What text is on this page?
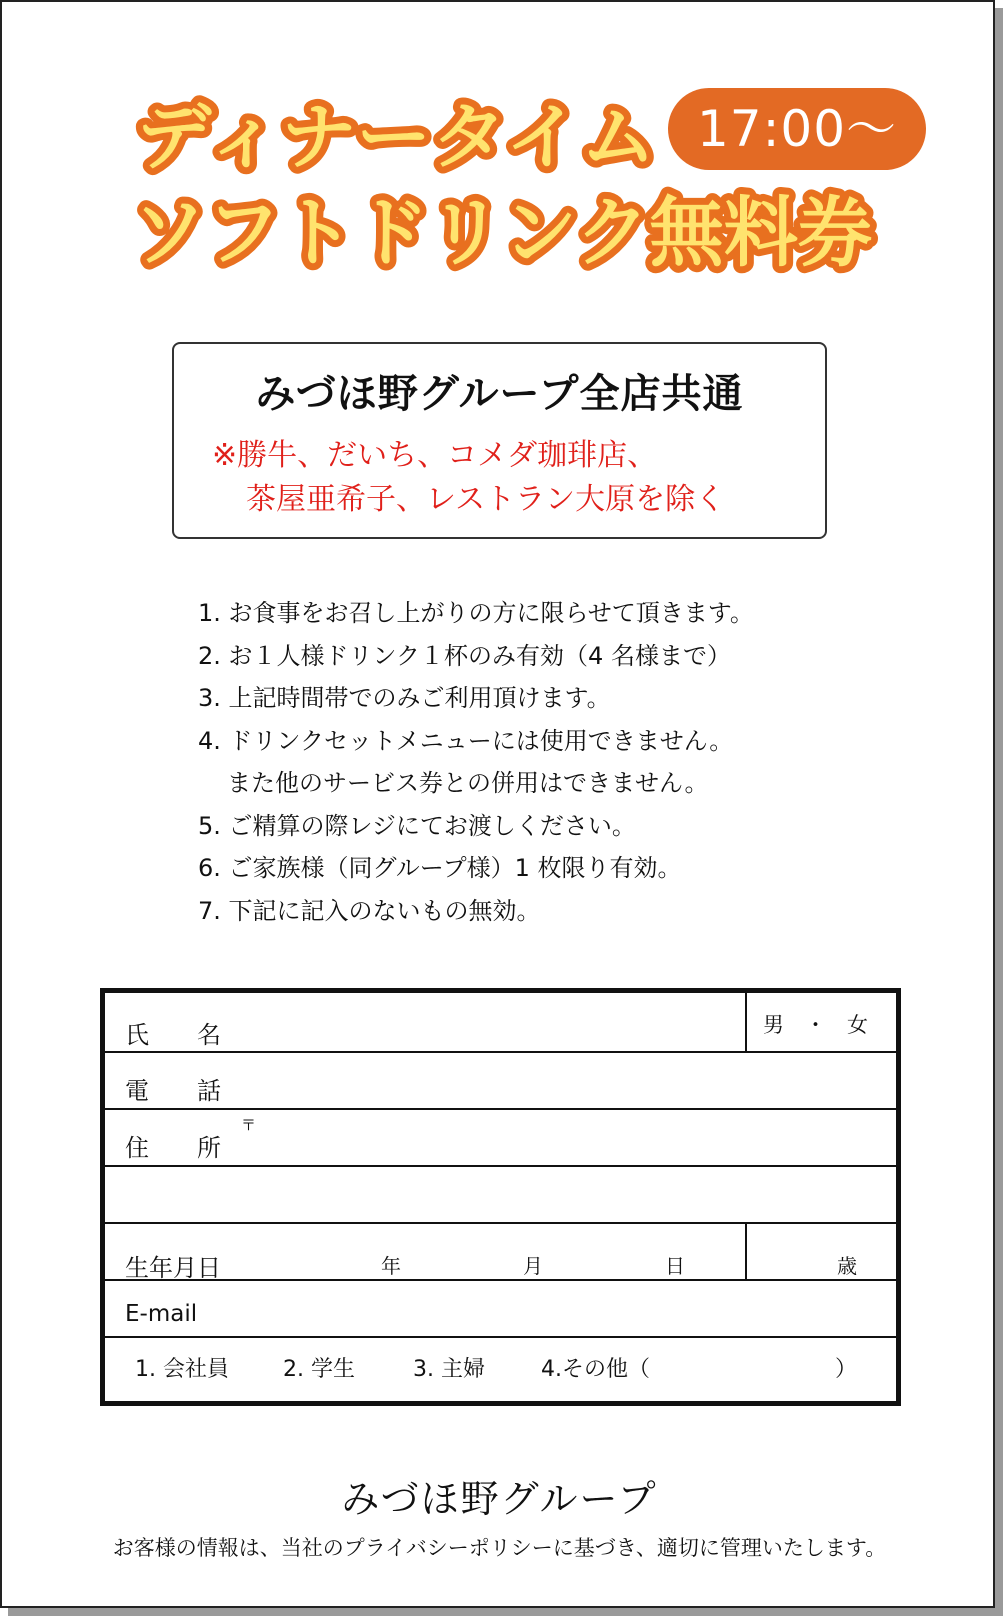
ディナータイム
ソフトドリンク無料券
17:00～
みづほ野グループ全店共通
※勝牛、だいち、コメダ珈琲店、
茶屋亜希子、レストラン大原を除く
1. お食事をお召し上がりの方に限らせて頂きます。
2. お１人様ドリンク１杯のみ有効（4 名様まで）
3. 上記時間帯でのみご利用頂けます。
4. ドリンクセットメニューには使用できません。
また他のサービス券との併用はできません。
5. ご精算の際レジにてお渡しください。
6. ご家族様（同グループ様）1 枚限り有効。
7. 下記に記入のないもの無効。
氏　　名	男　・　女
電　　話
住　　所
〒
生年月日	年	月	日	歳
E-mail
1. 会社員 2. 学生	3. 主婦	4.その他（	）
みづほ野グループ
お客様の情報は、当社のプライバシーポリシーに基づき、適切に管理いたします。
